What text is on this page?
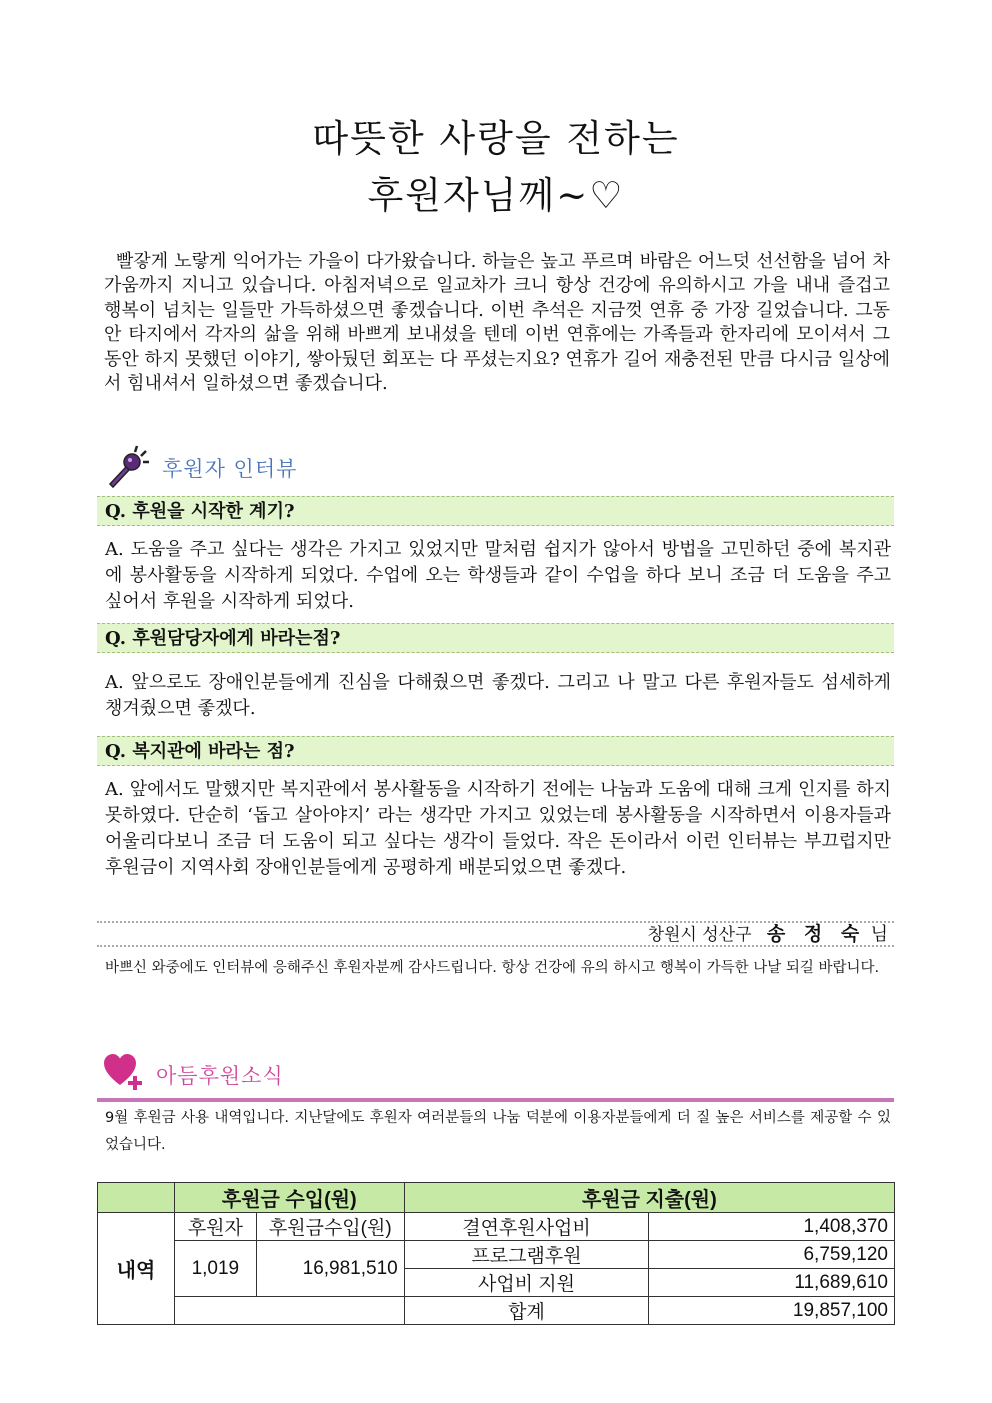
따뜻한 사랑을 전하는
후원자님께~♡

빨갛게 노랗게 익어가는 가을이 다가왔습니다. 하늘은 높고 푸르며 바람은 어느덧 선선함을 넘어 차가움까지 지니고 있습니다. 아침저녁으로 일교차가 크니 항상 건강에 유의하시고 가을 내내 즐겁고 행복이 넘치는 일들만 가득하셨으면 좋겠습니다. 이번 추석은 지금껏 연휴 중 가장 길었습니다. 그동안 타지에서 각자의 삶을 위해 바쁘게 보내셨을 텐데 이번 연휴에는 가족들과 한자리에 모이셔서 그동안 하지 못했던 이야기, 쌓아뒀던 회포는 다 푸셨는지요? 연휴가 길어 재충전된 만큼 다시금 일상에서 힘내셔서 일하셨으면 좋겠습니다.

후원자 인터뷰
Q. 후원을 시작한 계기?

A. 도움을 주고 싶다는 생각은 가지고 있었지만 말처럼 쉽지가 않아서 방법을 고민하던 중에 복지관에 봉사활동을 시작하게 되었다. 수업에 오는 학생들과 같이 수업을 하다 보니 조금 더 도움을 주고 싶어서 후원을 시작하게 되었다.

Q. 후원담당자에게 바라는점?

A. 앞으로도 장애인분들에게 진심을 다해줬으면 좋겠다. 그리고 나 말고 다른 후원자들도 섬세하게 챙겨줬으면 좋겠다.

Q. 복지관에 바라는 점?

A. 앞에서도 말했지만 복지관에서 봉사활동을 시작하기 전에는 나눔과 도움에 대해 크게 인지를 하지 못하였다. 단순히 ‘돕고 살아야지’ 라는 생각만 가지고 있었는데 봉사활동을 시작하면서 이용자들과 어울리다보니 조금 더 도움이 되고 싶다는 생각이 들었다. 작은 돈이라서 이런 인터뷰는 부끄럽지만 후원금이 지역사회 장애인분들에게 공평하게 배분되었으면 좋겠다.

창원시 성산구 송 정 숙 님

바쁘신 와중에도 인터뷰에 응해주신 후원자분께 감사드립니다. 항상 건강에 유의 하시고 행복이 가득한 나날 되길 바랍니다.

아듬후원소식

9월 후원금 사용 내역입니다. 지난달에도 후원자 여러분들의 나눔 덕분에 이용자분들에게 더 질 높은 서비스를 제공할 수 있었습니다.

	후원금 수입(원)		후원금 지출(원)	
내역	후원자	후원금수입(원)	결연후원사업비	1,408,370
	1,019	16,981,510	프로그램후원	6,759,120
			사업비 지원	11,689,610
			합계	19,857,100
